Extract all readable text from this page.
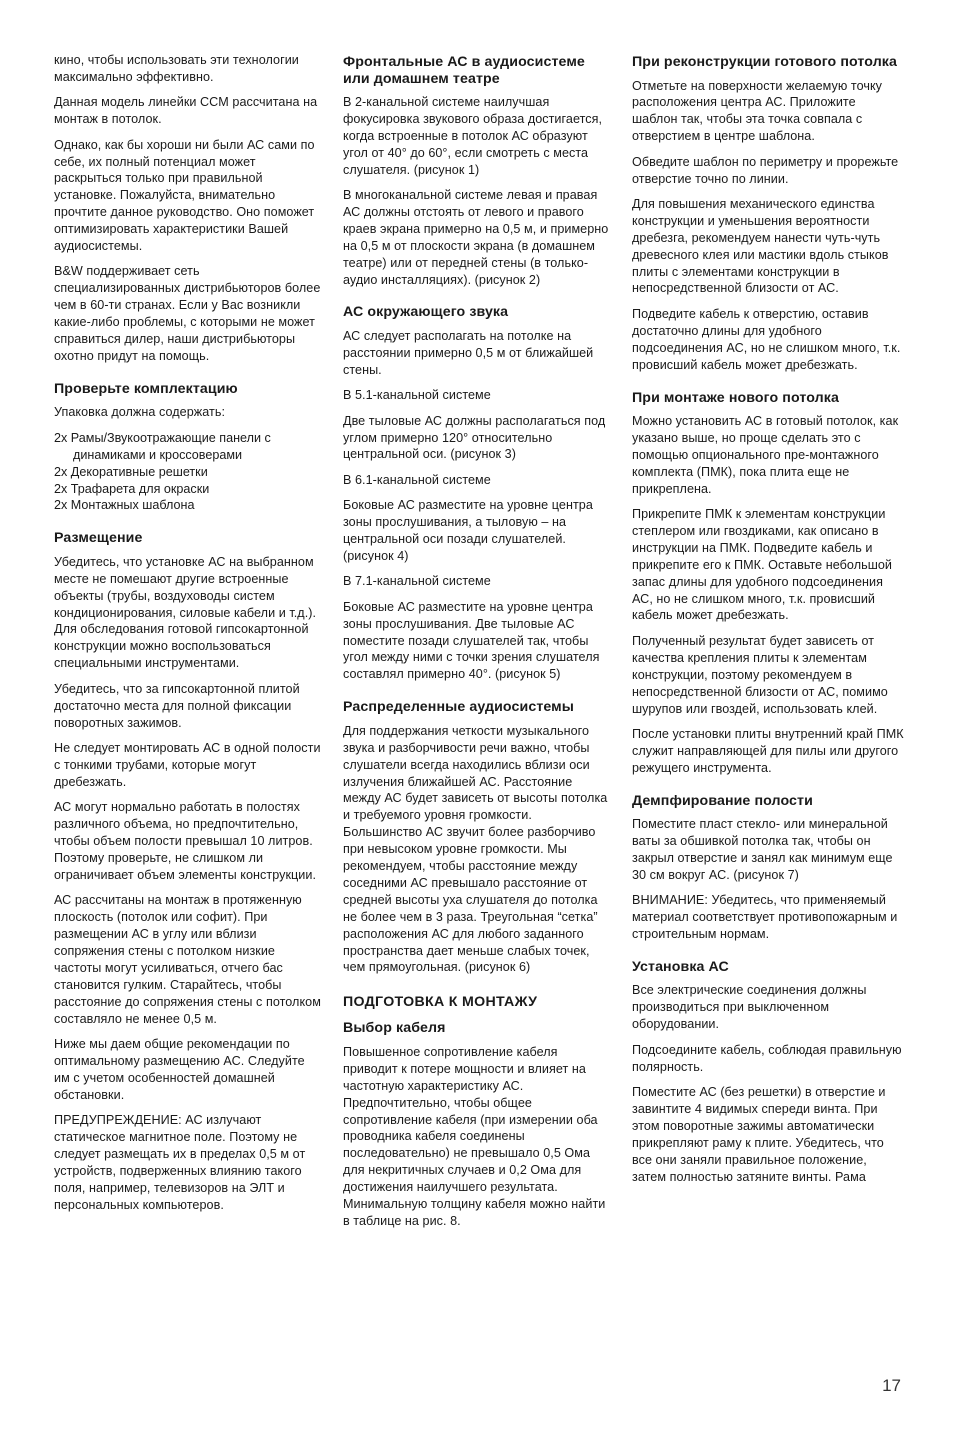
кино, чтобы использовать эти технологии максимально эффективно.

Данная модель линейки CCM рассчитана на монтаж в потолок.

Однако, как бы хороши ни были АС сами по себе, их полный потенциал может раскрыться только при правильной установке. Пожалуйста, внимательно прочтите данное руководство. Оно поможет оптимизировать характеристики Вашей аудиосистемы.

B&W поддерживает сеть специализированных дистрибьюторов более чем в 60-ти странах. Если у Вас возникли какие-либо проблемы, с которыми не может справиться дилер, наши дистрибьюторы охотно придут на помощь.

Проверьте комплектацию

Упаковка должна содержать:

2x Рамы/Звукоотражающие панели с динамиками и кроссоверами
2x Декоративные решетки
2x Трафарета для окраски
2x Монтажных шаблона
Размещение

Убедитесь, что установке АС на выбранном месте не помешают другие встроенные объекты (трубы, воздуховоды систем кондиционирования, силовые кабели и т.д.). Для обследования готовой гипсокартонной конструкции можно воспользоваться специальными инструментами.

Убедитесь, что за гипсокартонной плитой достаточно места для полной фиксации поворотных зажимов.

Не следует монтировать АС в одной полости с тонкими трубами, которые могут дребезжать.

АС могут нормально работать в полостях различного объема, но предпочтительно, чтобы объем полости превышал 10 литров. Поэтому проверьте, не слишком ли ограничивает объем элементы конструкции.

АС рассчитаны на монтаж в протяженную плоскость (потолок или софит). При размещении АС в углу или вблизи сопряжения стены с потолком низкие частоты могут усиливаться, отчего бас становится гулким. Старайтесь, чтобы расстояние до сопряжения стены с потолком составляло не менее 0,5 м.

Ниже мы даем общие рекомендации по оптимальному размещению АС. Следуйте им с учетом особенностей домашней обстановки.

ПРЕДУПРЕЖДЕНИЕ: АС излучают статическое магнитное поле. Поэтому не следует размещать их в пределах 0,5 м от устройств, подверженных влиянию такого поля, например, телевизоров на ЭЛТ и персональных компьютеров.

Фронтальные АС в аудиосистеме или домашнем театре

В 2-канальной системе наилучшая фокусировка звукового образа достигается, когда встроенные в потолок АС образуют угол от 40° до 60°, если смотреть с места слушателя. (рисунок 1)

В многоканальной системе левая и правая АС должны отстоять от левого и правого краев экрана примерно на 0,5 м, и примерно на 0,5 м от плоскости экрана (в домашнем театре) или от передней стены (в только-аудио инсталляциях). (рисунок 2)

АС окружающего звука

АС следует располагать на потолке на расстоянии примерно 0,5 м от ближайшей стены.

В 5.1-канальной системе

Две тыловые АС должны располагаться под углом примерно 120° относительно центральной оси. (рисунок 3)

В 6.1-канальной системе

Боковые АС разместите на уровне центра зоны прослушивания, а тыловую – на центральной оси позади слушателей. (рисунок 4)

В 7.1-канальной системе

Боковые АС разместите на уровне центра зоны прослушивания. Две тыловые АС поместите позади слушателей так, чтобы угол между ними с точки зрения слушателя составлял примерно 40°. (рисунок 5)

Распределенные аудиосистемы

Для поддержания четкости музыкального звука и разборчивости речи важно, чтобы слушатели всегда находились вблизи оси излучения ближайшей АС. Расстояние между АС будет зависеть от высоты потолка и требуемого уровня громкости. Большинство АС звучит более разборчиво при невысоком уровне громкости. Мы рекомендуем, чтобы расстояние между соседними АС превышало расстояние от средней высоты уха слушателя до потолка не более чем в 3 раза. Треугольная “сетка” расположения АС для любого заданного пространства дает меньше слабых точек, чем прямоугольная. (рисунок 6)

ПОДГОТОВКА К МОНТАЖУ
Выбор кабеля

Повышенное сопротивление кабеля приводит к потере мощности и влияет на частотную характеристику АС. Предпочтительно, чтобы общее сопротивление кабеля (при измерении оба проводника кабеля соединены последовательно) не превышало 0,5 Ома для некритичных случаев и 0,2 Ома для достижения наилучшего результата. Минимальную толщину кабеля можно найти в таблице на рис. 8.

При реконструкции готового потолка

Отметьте на поверхности желаемую точку расположения центра АС. Приложите шаблон так, чтобы эта точка совпала с отверстием в центре шаблона.

Обведите шаблон по периметру и прорежьте отверстие точно по линии.

Для повышения механического единства конструкции и уменьшения вероятности дребезга, рекомендуем нанести чуть-чуть древесного клея или мастики вдоль стыков плиты с элементами конструкции в непосредственной близости от АС.

Подведите кабель к отверстию, оставив достаточно длины для удобного подсоединения АС, но не слишком много, т.к. провисший кабель может дребезжать.

При монтаже нового потолка

Можно установить АС в готовый потолок, как указано выше, но проще сделать это с помощью опционального пре-монтажного комплекта (ПМК), пока плита еще не прикреплена.

Прикрепите ПМК к элементам конструкции степлером или гвоздиками, как описано в инструкции на ПМК. Подведите кабель и прикрепите его к ПМК. Оставьте небольшой запас длины для удобного подсоединения АС, но не слишком много, т.к. провисший кабель может дребезжать.

Полученный результат будет зависеть от качества крепления плиты к элементам конструкции, поэтому рекомендуем в непосредственной близости от АС, помимо шурупов или гвоздей, использовать клей.

После установки плиты внутренний край ПМК служит направляющей для пилы или другого режущего инструмента.

Демпфирование полости

Поместите пласт стекло- или минеральной ваты за обшивкой потолка так, чтобы он закрыл отверстие и занял как минимум еще 30 см вокруг АС. (рисунок 7)

ВНИМАНИЕ: Убедитесь, что применяемый материал соответствует противопожарным и строительным нормам.

Установка АС

Все электрические соединения должны производиться при выключенном оборудовании.

Подсоедините кабель, соблюдая правильную полярность.

Поместите АС (без решетки) в отверстие и завинтите 4 видимых спереди винта. При этом поворотные зажимы автоматически прикрепляют раму к плите. Убедитесь, что все они заняли правильное положение, затем полностью затяните винты. Рама

17
